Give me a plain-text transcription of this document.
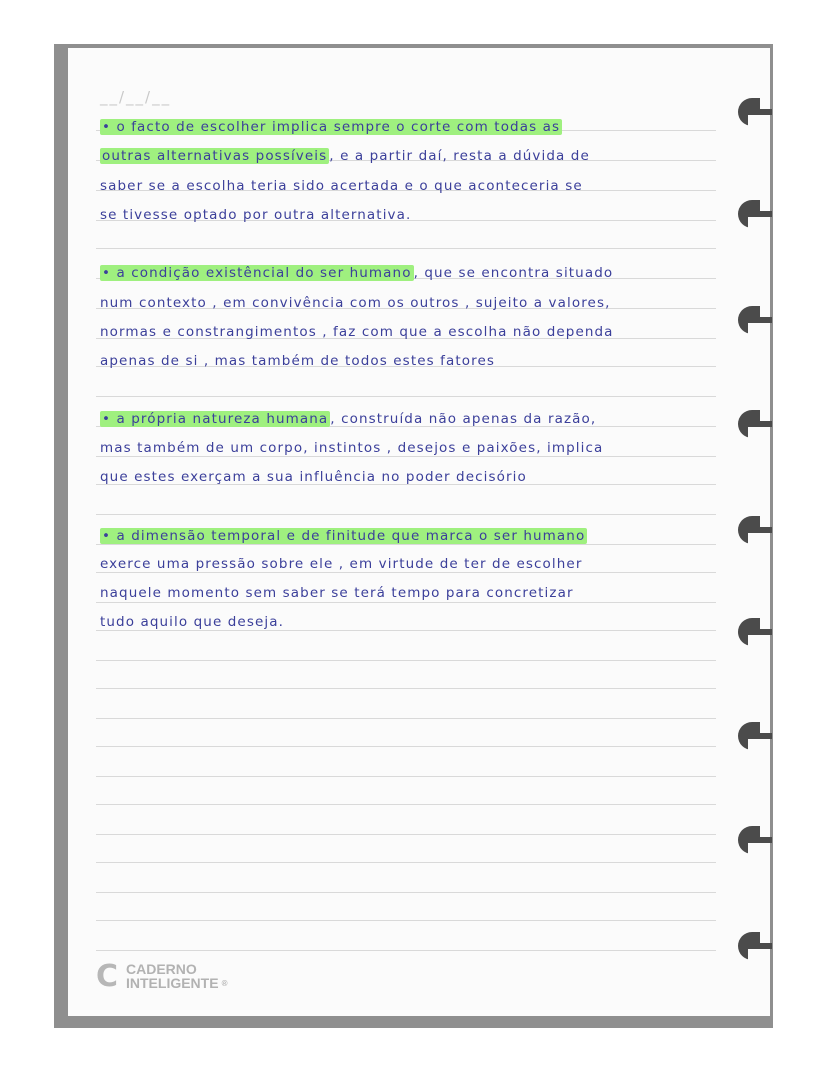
__/__/__
• o facto de escolher implica sempre o corte com todas as
outras alternativas possíveis , e a partir daí, resta a dúvida de
saber se a escolha teria sido acertada e o que aconteceria se
se tivesse optado por outra alternativa.
• a condição existêncial do ser humano , que se encontra situado
num contexto , em convivência com os outros , sujeito a valores,
normas e constrangimentos , faz com que a escolha não dependa
apenas de si , mas também de todos estes fatores
• a própria natureza humana , construída não apenas da razão,
mas também de um corpo, instintos , desejos e paixões, implica
que estes exerçam a sua influência no poder decisório
• a dimensão temporal e de finitude que marca o ser humano
exerce uma pressão sobre ele , em virtude de ter de escolher
naquele momento sem saber se terá tempo para concretizar
tudo aquilo que deseja.
C CADERNO
INTELIGENTE ®
